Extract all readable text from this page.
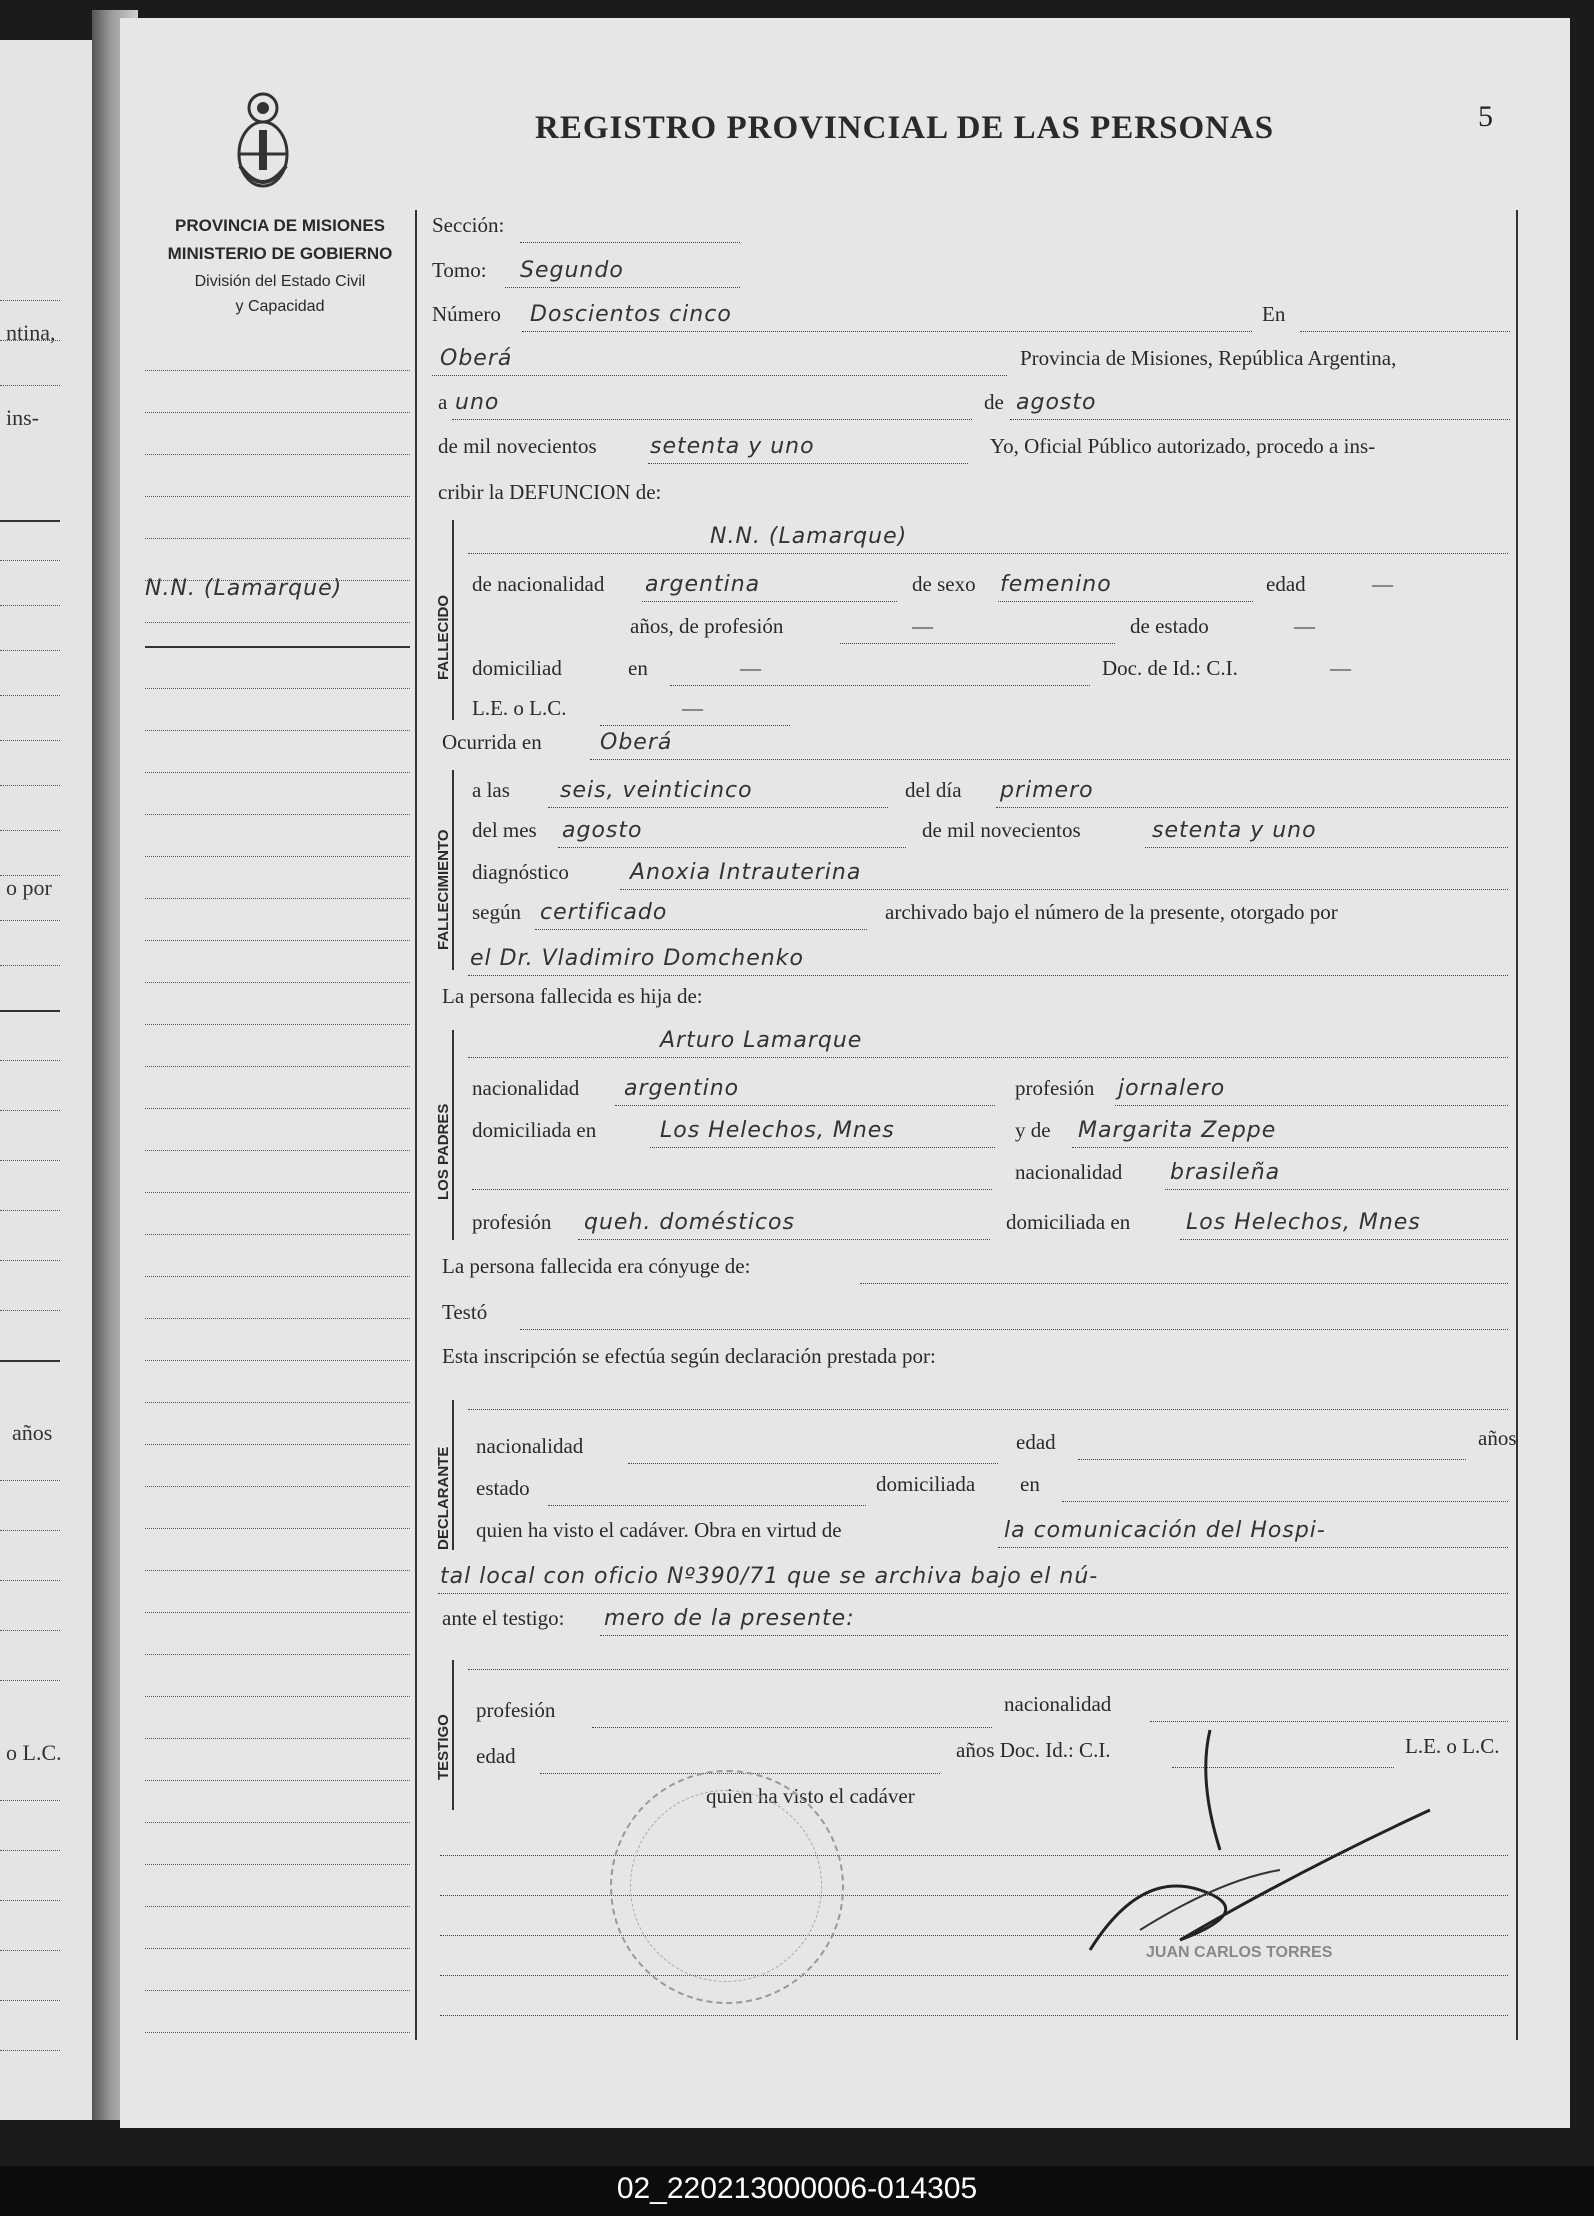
ntina,
ins-
o por
años
o L.C.
REGISTRO PROVINCIAL DE LAS PERSONAS	5
PROVINCIA DE MISIONES
MINISTERIO DE GOBIERNO
División del Estado Civil
y Capacidad
N.N. (Lamarque)
Sección:
Tomo: Segundo
Número Doscientos cinco	En
Oberá	Provincia de Misiones, República Argentina,
a uno	de agosto
de mil novecientos setenta y uno	Yo, Oficial Público autorizado, procedo a ins-
cribir la DEFUNCION de:
FALLECIDO
N.N. (Lamarque)
de nacionalidad argentina	de sexo femenino	edad	—
años, de profesión	—	de estado	—
domiciliad	en	—	Doc. de Id.: C.I.	—
L.E. o L.C.	—
Ocurrida en	Oberá
FALLECIMIENTO
a las seis, veinticinco	del día primero
del mes agosto	de mil novecientos	setenta y uno
diagnóstico	Anoxia Intrauterina
según certificado	archivado bajo el número de la presente, otorgado por
el Dr. Vladimiro Domchenko
La persona fallecida es hija de:
LOS PADRES
Arturo Lamarque
nacionalidad argentino	profesión jornalero
domiciliada en	Los Helechos, Mnes	y de Margarita Zeppe
nacionalidad brasileña
profesión queh. domésticos	domiciliada en	Los Helechos, Mnes
La persona fallecida era cónyuge de:
Testó
Esta inscripción se efectúa según declaración prestada por:
DECLARANTE
nacionalidad	edad	años
estado	domiciliada en
quien ha visto el cadáver. Obra en virtud de	la comunicación del Hospi-
tal local con oficio Nº390/71 que se archiva bajo el nú-
ante el testigo: mero de la presente:
TESTIGO
profesión	nacionalidad
edad	años Doc. Id.: C.I.	L.E. o L.C.
quien ha visto el cadáver
JUAN CARLOS TORRES
02_220213000006-014305
